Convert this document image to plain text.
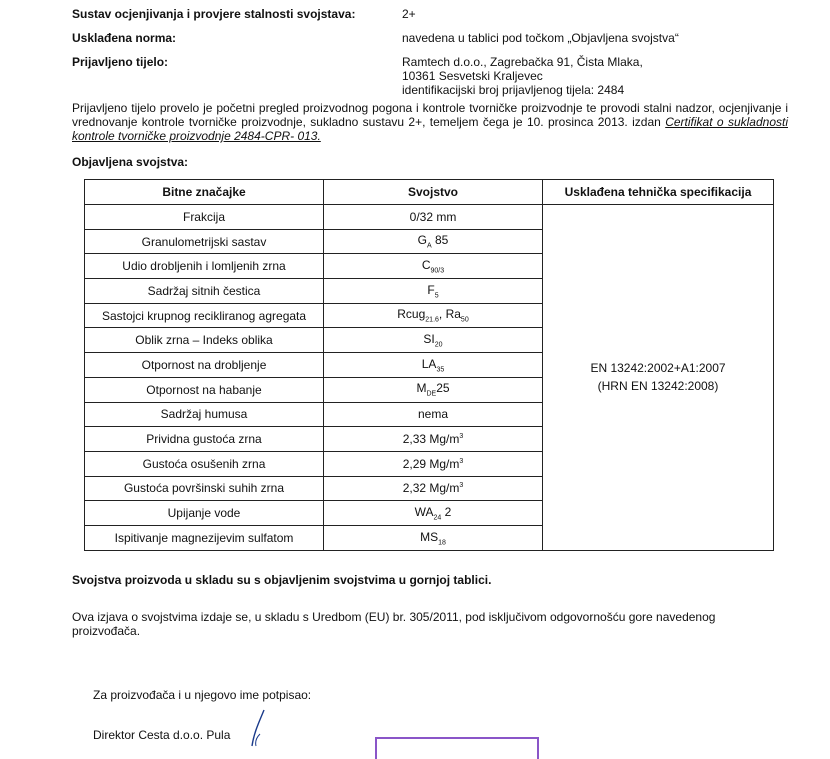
Sustav ocjenjivanja i provjere stalnosti svojstava:	2+
Usklađena norma:	navedena u tablici pod točkom „Objavljena svojstva“
Prijavljeno tijelo:	Ramtech d.o.o., Zagrebačka 91, Čista Mlaka,
10361 Sesvetski Kraljevec
identifikacijski broj prijavljenog tijela: 2484
Prijavljeno tijelo provelo je početni pregled proizvodnog pogona i kontrole tvorničke proizvodnje te provodi stalni nadzor, ocjenjivanje i vrednovanje kontrole tvorničke proizvodnje, sukladno sustavu 2+, temeljem čega je 10. prosinca 2013. izdan Certifikat o sukladnosti kontrole tvorničke proizvodnje 2484-CPR- 013.
Objavljena svojstva:
Bitne značajke	Svojstvo	Usklađena tehnička specifikacija
Frakcija	0/32 mm	EN 13242:2002+A1:2007
(HRN EN 13242:2008)

Granulometrijski sastav	$G_A$ 85	
Udio drobljenih i lomljenih zrna	$C_{90/3}$
Sadržaj sitnih čestica	$F_5$
Sastojci krupnog recikliranog agregata	Rcug$_{21.6}$, $Ra_{50}$
Oblik zrna – Indeks oblika	$SI_{20}$
Otpornost na drobljenje	$LA_{35}$
Otpornost na habanje	$M_{DE}25$	
Sadržaj humusa	nema	
Prividna gustoća zrna	2,33 $Mg/m^3$
Gustoća osušenih zrna	2,29 $Mg/m^3$
Gustoća površinski suhih zrna	2,32 $Mg/m^3$
Upijanje vode	$WA_{24}$ 2	
Ispitivanje magnezijevim sulfatom	$MS_{18}$
Svojstva proizvoda u skladu su s objavljenim svojstvima u gornjoj tablici.
Ova izjava o svojstvima izdaje se, u skladu s Uredbom (EU) br. 305/2011, pod isključivom odgovornošću gore navedenog proizvođača.
Za proizvođača i u njegovo ime potpisao:
Direktor Cesta d.o.o. Pula
